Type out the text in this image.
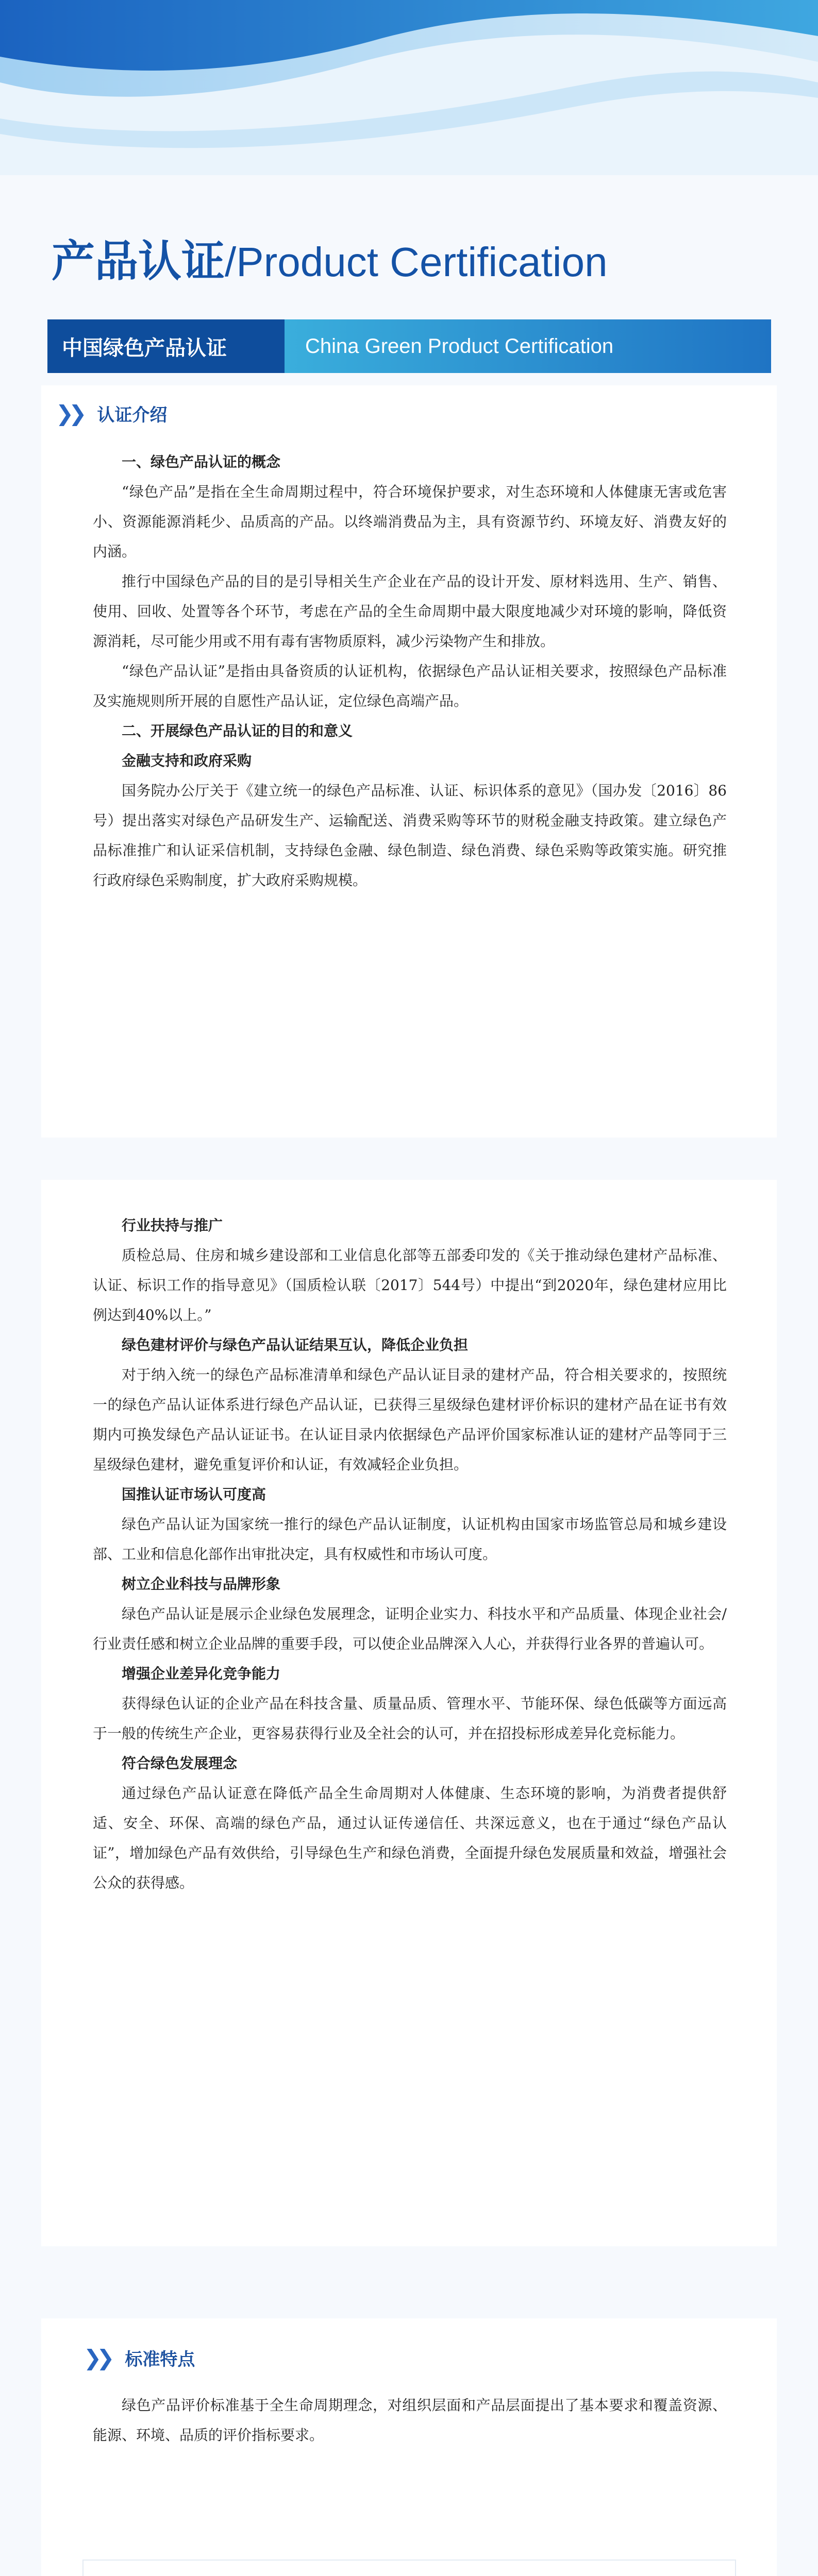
产品认证 / Product Certification
中国绿色产品认证	China Green Product Certification
❯❯ 认证介绍

一、绿色产品认证的概念

“绿色产品”是指在全生命周期过程中，符合环境保护要求，对生态环境和人体健康无害或危害小、资源能源消耗少、品质高的产品。以终端消费品为主，具有资源节约、环境友好、消费友好的内涵。

推行中国绿色产品的目的是引导相关生产企业在产品的设计开发、原材料选用、生产、销售、使用、回收、处置等各个环节，考虑在产品的全生命周期中最大限度地减少对环境的影响，降低资源消耗，尽可能少用或不用有毒有害物质原料，减少污染物产生和排放。

“绿色产品认证”是指由具备资质的认证机构，依据绿色产品认证相关要求，按照绿色产品标准及实施规则所开展的自愿性产品认证，定位绿色高端产品。

二、开展绿色产品认证的目的和意义

金融支持和政府采购

国务院办公厅关于《建立统一的绿色产品标准、认证、标识体系的意见》（国办发〔2016〕86号）提出落实对绿色产品研发生产、运输配送、消费采购等环节的财税金融支持政策。建立绿色产品标准推广和认证采信机制，支持绿色金融、绿色制造、绿色消费、绿色采购等政策实施。研究推行政府绿色采购制度，扩大政府采购规模。

行业扶持与推广

质检总局、住房和城乡建设部和工业信息化部等五部委印发的《关于推动绿色建材产品标准、认证、标识工作的指导意见》（国质检认联〔2017〕544号）中提出“到2020年，绿色建材应用比例达到40%以上。”

绿色建材评价与绿色产品认证结果互认，降低企业负担

对于纳入统一的绿色产品标准清单和绿色产品认证目录的建材产品，符合相关要求的，按照统一的绿色产品认证体系进行绿色产品认证，已获得三星级绿色建材评价标识的建材产品在证书有效期内可换发绿色产品认证证书。在认证目录内依据绿色产品评价国家标准认证的建材产品等同于三星级绿色建材，避免重复评价和认证，有效减轻企业负担。

国推认证市场认可度高

绿色产品认证为国家统一推行的绿色产品认证制度，认证机构由国家市场监管总局和城乡建设部、工业和信息化部作出审批决定，具有权威性和市场认可度。

树立企业科技与品牌形象

绿色产品认证是展示企业绿色发展理念，证明企业实力、科技水平和产品质量、体现企业社会/行业责任感和树立企业品牌的重要手段，可以使企业品牌深入人心，并获得行业各界的普遍认可。

增强企业差异化竞争能力

获得绿色认证的企业产品在科技含量、质量品质、管理水平、节能环保、绿色低碳等方面远高于一般的传统生产企业，更容易获得行业及全社会的认可，并在招投标形成差异化竞标能力。

符合绿色发展理念

通过绿色产品认证意在降低产品全生命周期对人体健康、生态环境的影响，为消费者提供舒适、安全、环保、高端的绿色产品，通过认证传递信任、共深远意义，也在于通过“绿色产品认证”，增加绿色产品有效供给，引导绿色生产和绿色消费，全面提升绿色发展质量和效益，增强社会公众的获得感。

❯❯ 标准特点

绿色产品评价标准基于全生命周期理念，对组织层面和产品层面提出了基本要求和覆盖资源、能源、环境、品质的评价指标要求。
